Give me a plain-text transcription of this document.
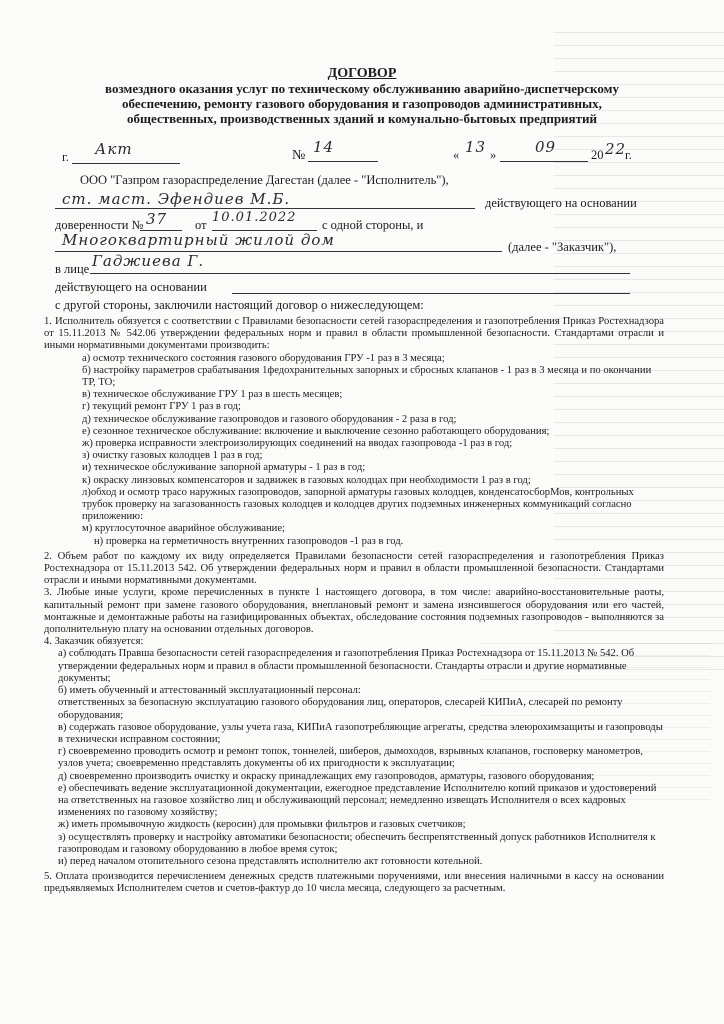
ДОГОВОР
возмездного оказания услуг по техническому обслуживанию аварийно-диспетчерскому
обеспечению, ремонту газового оборудования и газопроводов административных,
общественных, производственных зданий и комунально-бытовых предприятий
г. Акт	№ 14	« 13 »	09	20 22
г.
ООО "Газпром газораспределение Дагестан (далее - "Исполнитель"),
ст. маст. Эфендиев М.Б.	действующего на основании
доверенности № 37 от 10.01.2022 с одной стороны, и
Многоквартирный жилой дом	(далее - "Заказчик"),
в лице Гаджиева Г.
действующего на основании
с другой стороны, заключили настоящий договор о нижеследующем:

1. Исполнитель обязуется с соответствии с Правилами безопасности сетей газораспределения и газопотребления Приказ Ростехнадзора от 15.11.2013 № 542.06 утверждении федеральных норм и правил в области промышленной безопасности. Стандартами отрасли и иными нормативными документами производить:

а) осмотр технического состояния газового оборудования ГРУ -1 раз в 3 месяца;

б) настройку параметров срабатывания 1федохранительных запорных и сбросных клапанов - 1 раз в 3 месяца и по окончании ТР, ТО;

в) техническое обслуживание ГРУ 1 раз в шесть месяцев;

г) текущий ремонт ГРУ 1 раз в год;

д) техническое обслуживание газопроводов и газового оборудования - 2 раза в год;

е) сезонное техническое обслуживание: включение и выключение сезонно работающего оборудования;

ж) проверка исправности электроизолирующих соединений на вводах газопровода -1 раз в год;

з) очистку газовых колодцев 1 раз в год;

и) техническое обслуживание запорной арматуры - 1 раз в год;

к) окраску линзовых компенсаторов и задвижек в газовых колодцах при необходимости 1 раз в год;

л)обход и осмотр трасо наружных газопроводов, запорной арматуры газовых колодцев, конденсатосборМов, контрольных трубок проверку на загазованность газовых колодцев и колодцев других подземных инженерных коммуникаций согласно приложению:

м) круглосуточное аварийное обслуживание;

н) проверка на герметичность внутренних газопроводов -1 раз в год.

2. Объем работ по каждому их виду определяется Правилами безопасности сетей газораспределения и газопотребления Приказ Ростехнадзора от 15.11.2013 542. Об утверждении федеральных норм и правил в области промышленной безопасности. Стандартами отрасли и иными нормативными документами.

3. Любые иные услуги, кроме перечисленных в пункте 1 настоящего договора, в том числе: аварийно-восстановительные раоты, капитальный ремонт при замене газового оборудования, внеплановый ремонт и замена изнсившегося оборудования или его частей, монтажные и демонтажные работы на газифицированных объектах, обследование состояния подземных газопроводов - выполняются за дополнительную плату на основании отдельных договоров.

4. Заказчик обязуется:

а) соблюдать Правша безопасности сетей газораспределения и газопотребления Приказ Ростехнадзора от 15.11.2013 № 542. Об утверждении федеральных норм и правил в области промышленной безопасности. Стандарты отрасли и другие нормативные документы;

б) иметь обученный и аттестованный эксплуатационный персонал:

ответственных за безопасную эксплуатацию газового оборудования лиц, операторов, слесарей КИПиА, слесарей по ремонту оборудования;

в) содержать газовое оборудование, узлы учета газа, КИПиА газопотребляющие агрегаты, средства элеюрохимзащиты и газопроводы в технически исправном состоянии;

г) своевременно проводить осмотр и ремонт топок, тоннелей, шиберов, дымоходов, взрывных клапанов, госповерку манометров, узлов учета; своевременно представлять документы об их пригодности к эксплуатации;

д) своевременно производить очистку и окраску принадлежащих ему газопроводов, арматуры, газового оборудования;

е) обеспечивать ведение эксплуатационной документации, ежегодное представление Исполнителю копий приказов и удостоверений на ответственных на газовое хозяйство лиц и обслуживающий персонал; немедленно извещать Исполнителя о всех кадровых изменениях по газовому хозяйству;

ж) иметь промывочную жидкость (керосин) для промывки фильтров и газовых счетчиков;

з) осуществлять проверку и настройку автоматики безопасности; обеспечить беспрепятственный допуск работников Исполнителя к газопроводам и газовому оборудованию в любое время суток;

и) перед началом отопительного сезона представлять исполнителю акт готовности котельной.

5. Оплата производится перечислением денежных средств платежными поручениями, или внесения наличными в кассу на основании предъявляемых Исполнителем счетов и счетов-фактур до 10 числа месяца, следующего за расчетным.
